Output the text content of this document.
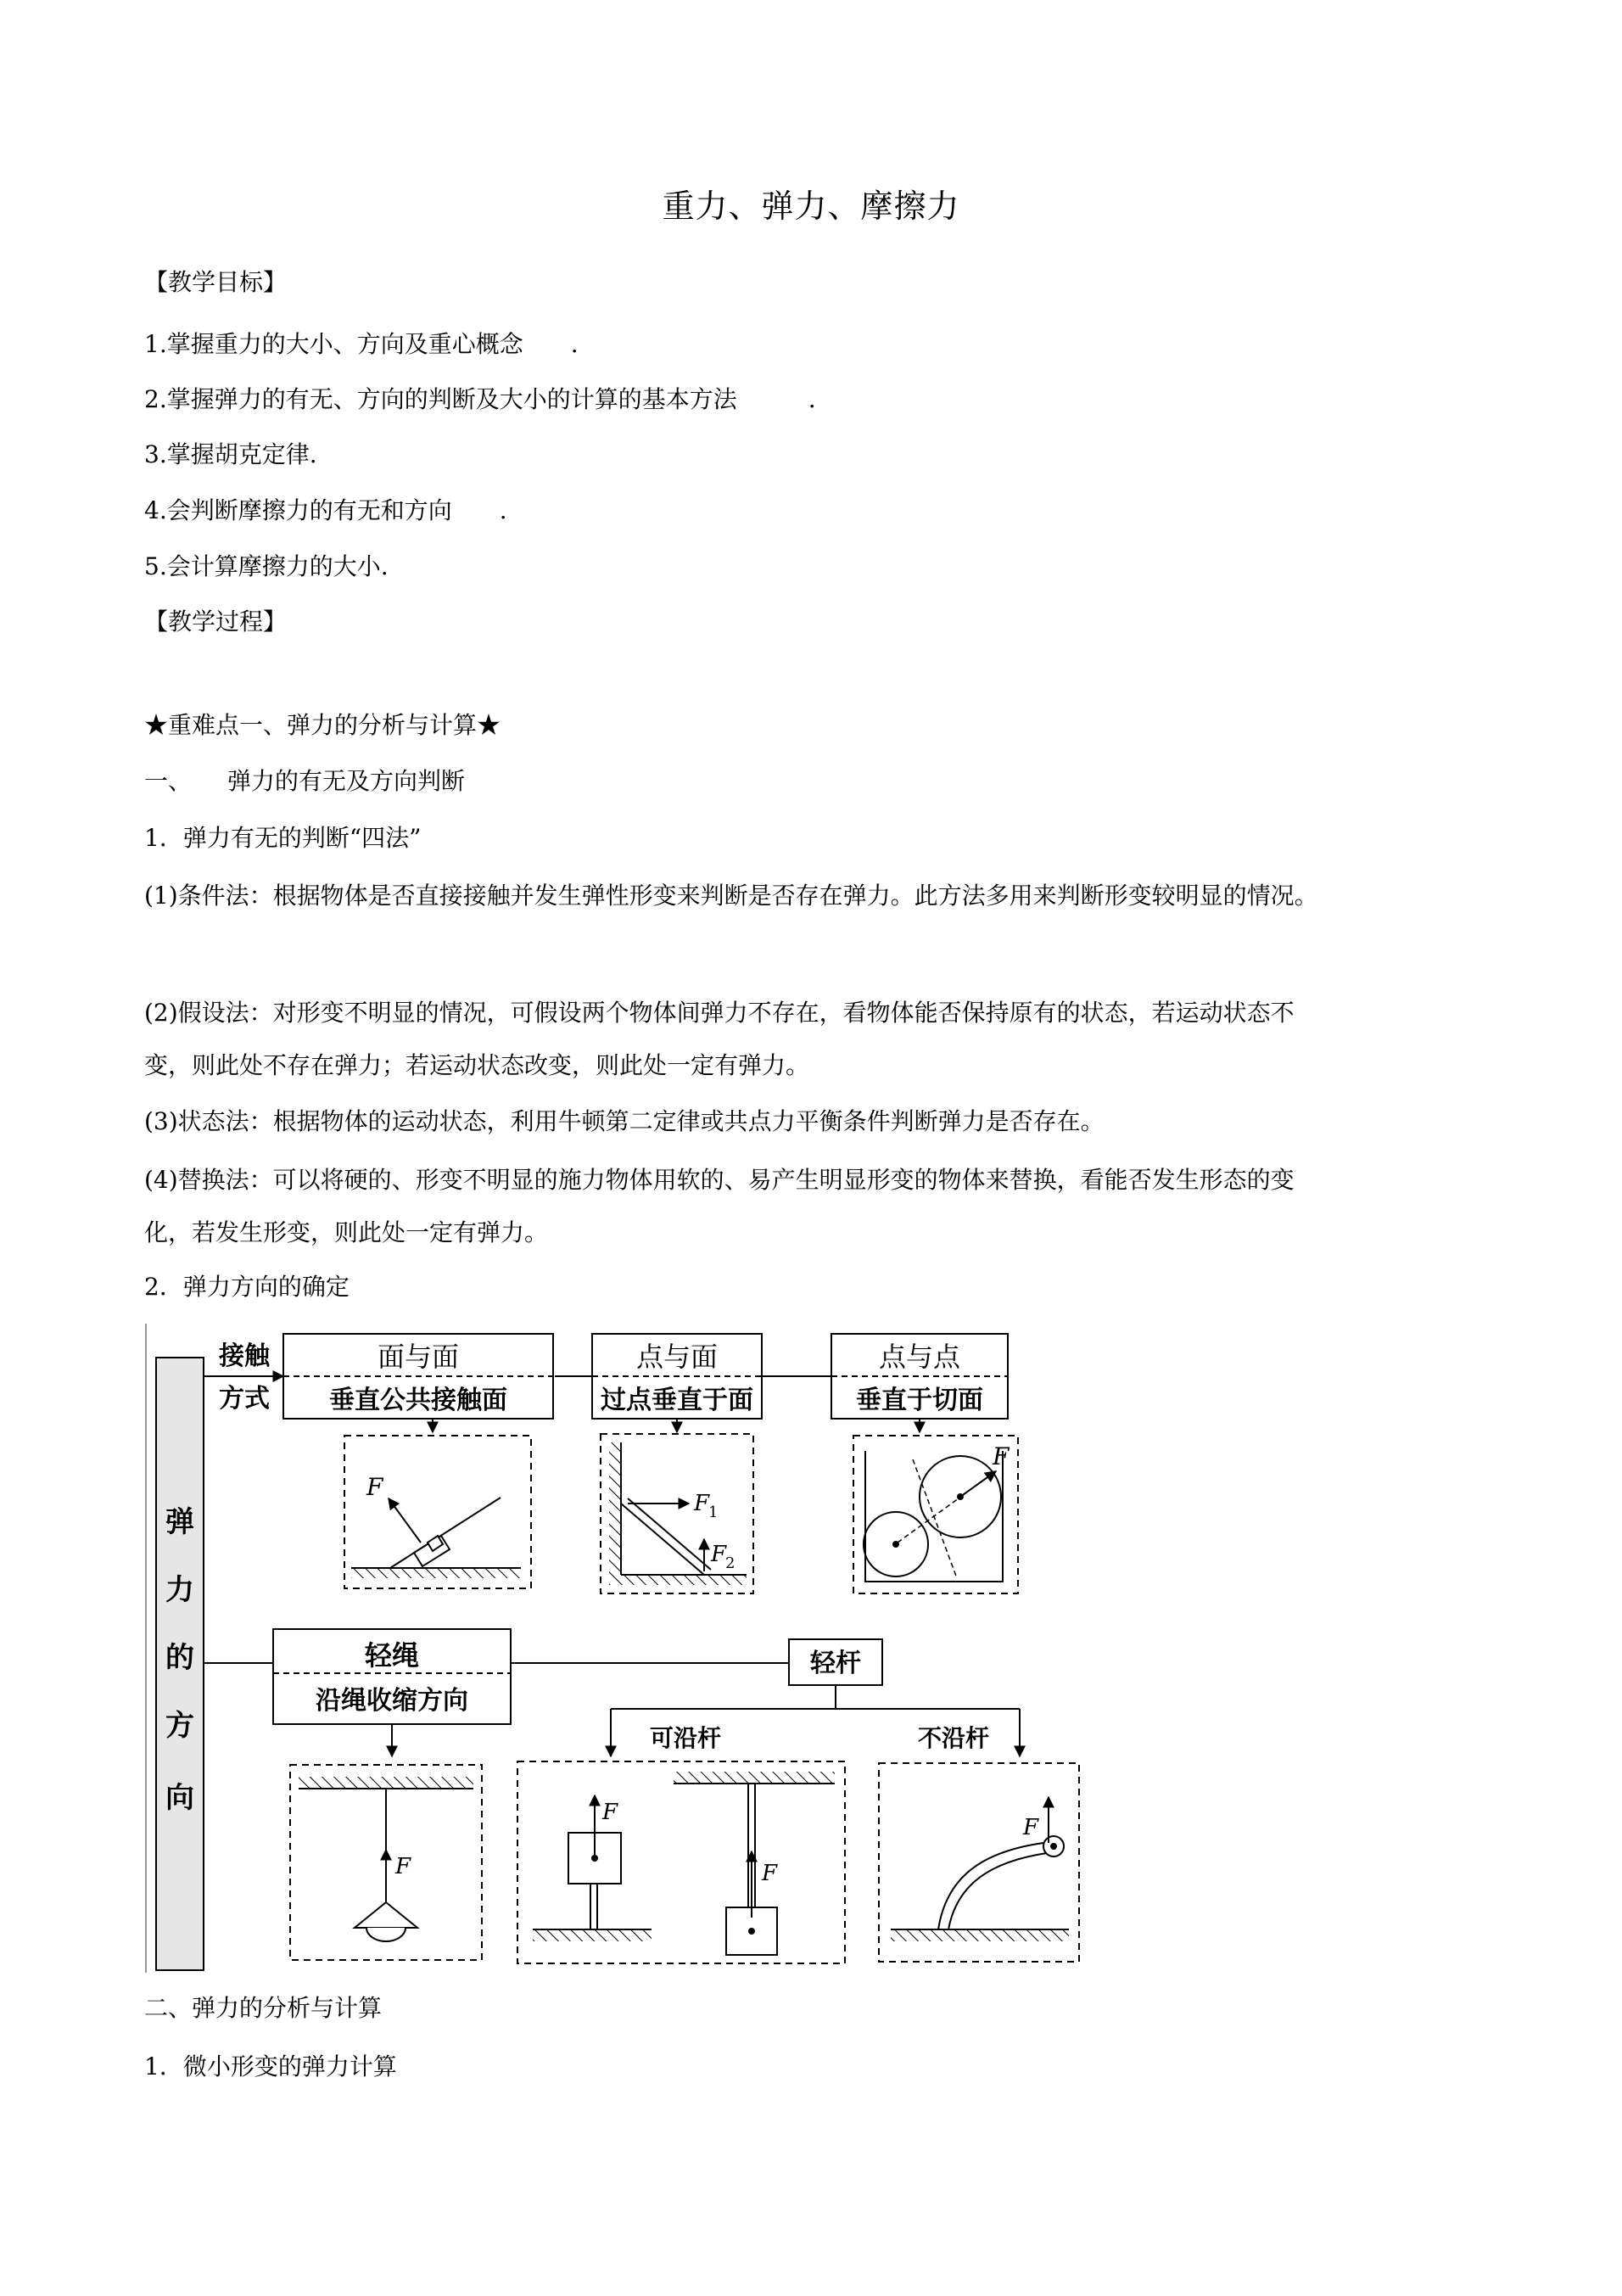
重力、弹力、摩擦力
【教学目标】
1.掌握重力的大小、方向及重心概念　　.
2.掌握弹力的有无、方向的判断及大小的计算的基本方法　　　.
3.掌握胡克定律.
4.会判断摩擦力的有无和方向　　.
5.会计算摩擦力的大小.
【教学过程】
★重难点一、弹力的分析与计算★
一、　　弹力的有无及方向判断
1．弹力有无的判断“四法”
(1)条件法：根据物体是否直接接触并发生弹性形变来判断是否存在弹力。此方法多用来判断形变较明显的情况。
(2)假设法：对形变不明显的情况，可假设两个物体间弹力不存在，看物体能否保持原有的状态，若运动状态不变，则此处不存在弹力；若运动状态改变，则此处一定有弹力。
(3)状态法：根据物体的运动状态，利用牛顿第二定律或共点力平衡条件判断弹力是否存在。
(4)替换法：可以将硬的、形变不明显的施力物体用软的、易产生明显形变的物体来替换，看能否发生形态的变化，若发生形变，则此处一定有弹力。
2．弹力方向的确定
弹
力
的
方
向
接触
方式
面与面
垂直公共接触面
点与面
过点垂直于面
点与点
垂直于切面
F
F
1
F
2
F
轻绳
沿绳收缩方向
轻杆
可沿杆	不沿杆
F
F
F
F
二、弹力的分析与计算
1．微小形变的弹力计算
